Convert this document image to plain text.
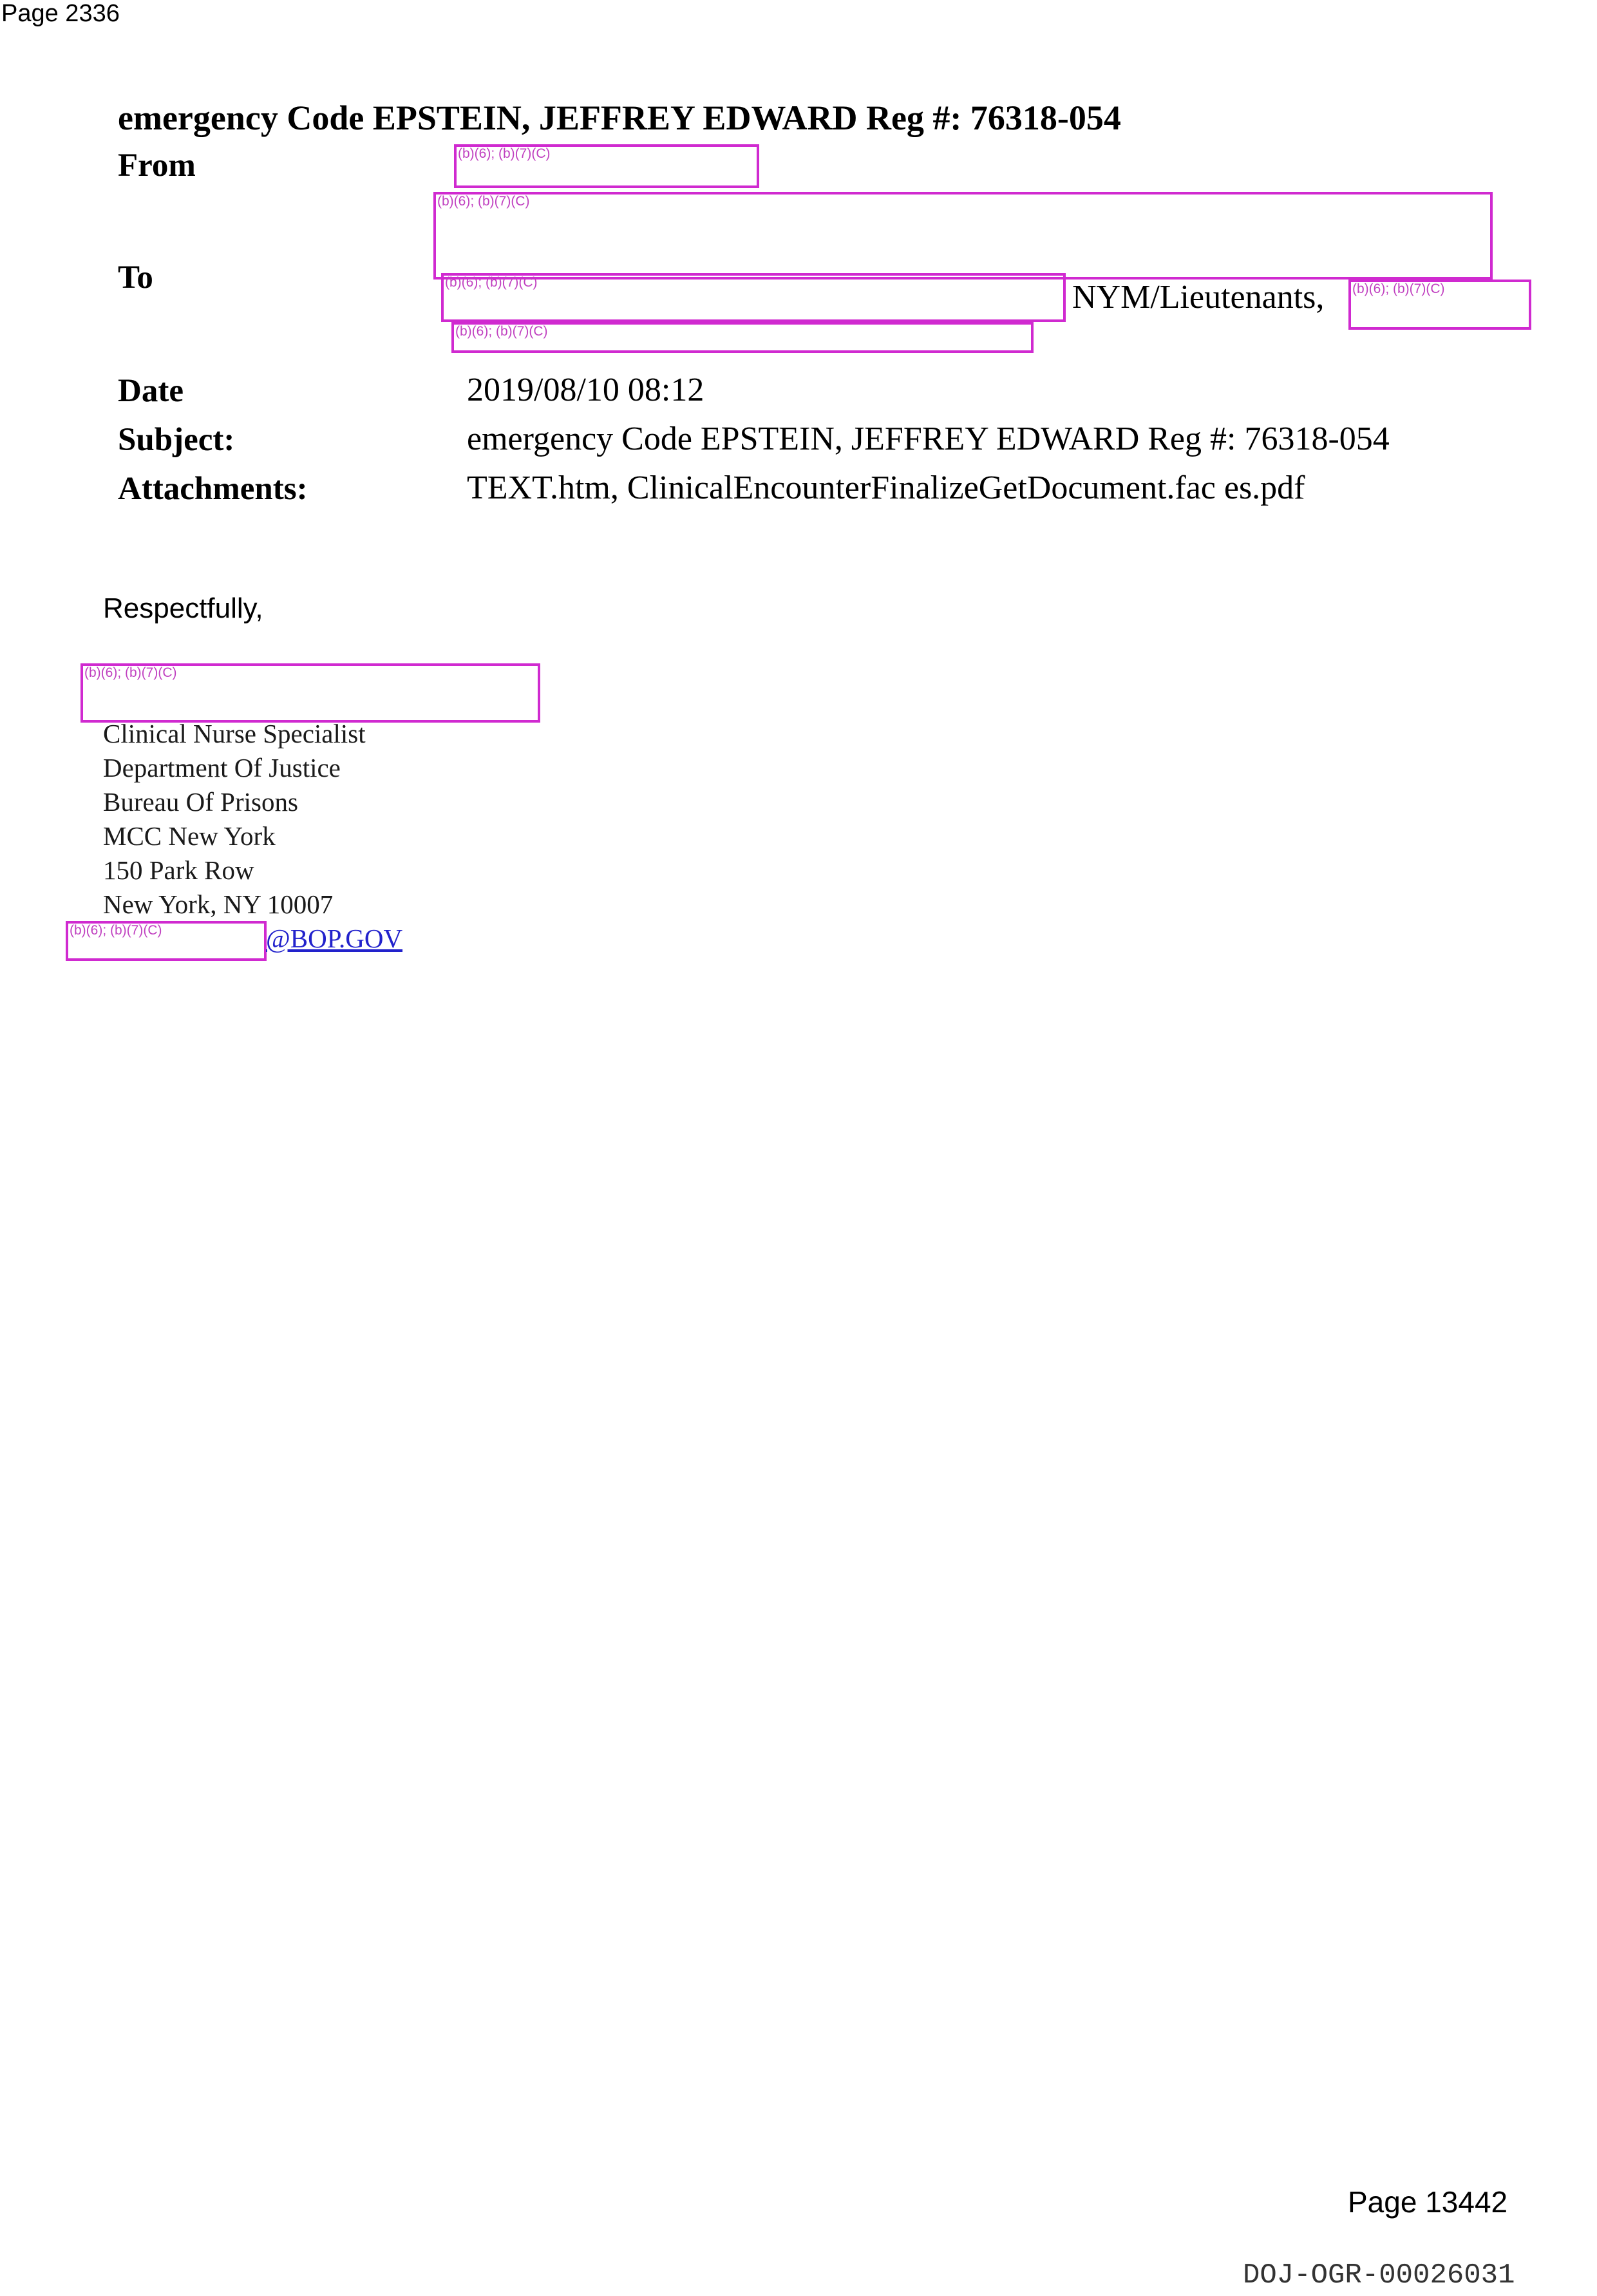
Page 2336
emergency Code EPSTEIN, JEFFREY EDWARD Reg #: 76318-054
From
To
NYM/Lieutenants,
Date	2019/08/10 08:12
Subject:	emergency Code EPSTEIN, JEFFREY EDWARD Reg #: 76318-054
Attachments:	TEXT.htm, ClinicalEncounterFinalizeGetDocument.fac es.pdf
(b)(6); (b)(7)(C)
(b)(6); (b)(7)(C)
(b)(6); (b)(7)(C)	(b)(6); (b)(7)(C)
(b)(6); (b)(7)(C)
Respectfully,
(b)(6); (b)(7)(C)
Clinical Nurse Specialist
Department Of Justice
Bureau Of Prisons
MCC New York
150 Park Row
New York, NY 10007
(b)(6); (b)(7)(C)	@BOP.GOV
Page 13442
DOJ-OGR-00026031
